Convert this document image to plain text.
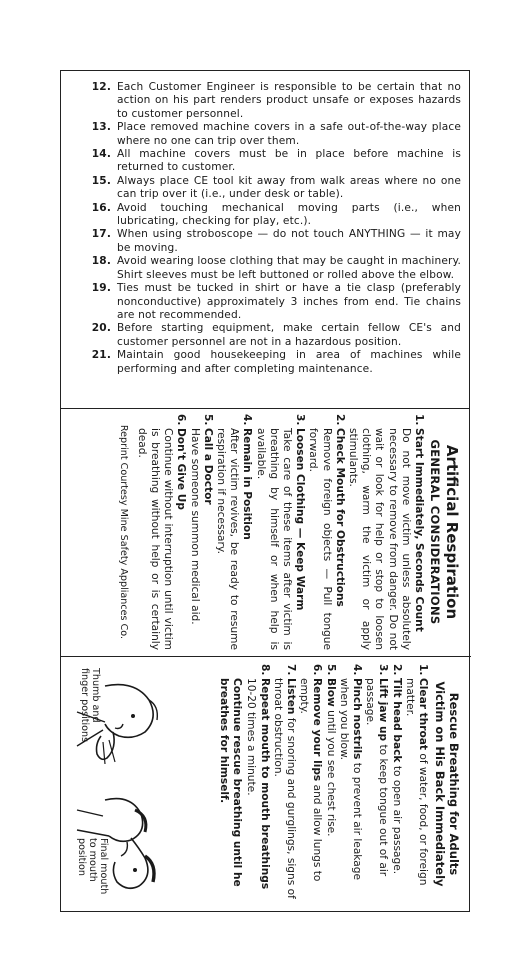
12. Each Customer Engineer is responsible to be certain that no action on his part renders product unsafe or exposes hazards to customer personnel.
13. Place removed machine covers in a safe out-of-the-way place where no one can trip over them.
14. All machine covers must be in place before machine is returned to customer.
15. Always place CE tool kit away from walk areas where no one can trip over it (i.e., under desk or table).
16. Avoid touching mechanical moving parts (i.e., when lubricating, checking for play, etc.).
17. When using stroboscope — do not touch ANYTHING — it may be moving.
18. Avoid wearing loose clothing that may be caught in machinery. Shirt sleeves must be left buttoned or rolled above the elbow.
19. Ties must be tucked in shirt or have a tie clasp (preferably nonconductive) approximately 3 inches from end. Tie chains are not recommended.
20. Before starting equipment, make certain fellow CE's and customer personnel are not in a hazardous position.
21. Maintain good housekeeping in area of machines while performing and after completing maintenance.
Artificial Respiration
GENERAL CONSIDERATIONS
1.
Start Immediately, Seconds Count
Do not move victim unless absolutely necessary to remove from danger. Do not wait or look for help or stop to loosen clothing, warm the victim or apply stimulants.
2.
Check Mouth for Obstructions
Remove foreign objects — Pull tongue forward.
3.
Loosen Clothing — Keep Warm
Take care of these items after victim is breathing by himself or when help is available.
4.
Remain in Position
After victim revives, be ready to resume respiration if necessary.
5.
Call a Doctor
Have someone summon medical aid.
6.
Don't Give Up
Continue without interruption until victim is breathing without help or is certainly dead.
Reprint Courtesy Mine Safety Appliances Co.
Rescue Breathing for Adults
Victim on His Back Immediately
1.
Clear throat of water, food, or foreign matter.
2.
Tilt head back to open air passage.
3.
Lift jaw up to keep tongue out of air passage.
4.
Pinch nostrils to prevent air leakage when you blow.
5.
Blow until you see chest rise.
6.
Remove your lips and allow lungs to empty.
7.
Listen for snoring and gurglings, signs of throat obstruction.
8.
Repeat mouth to mouth breathings 10-20 times a minute.
Continue rescue breathing until he breathes for himself.
Thumb and
finger positions
Final mouth
to mouth
position
